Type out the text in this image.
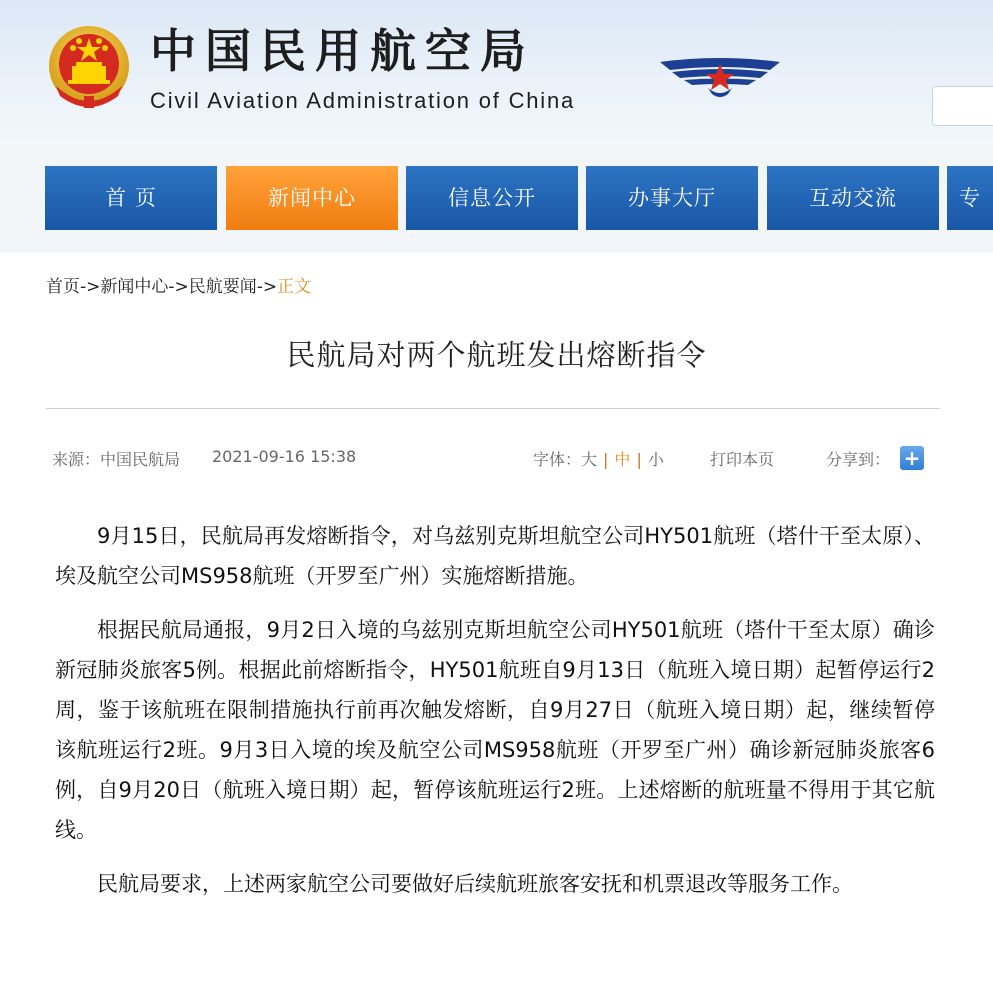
中国民用航空局
Civil Aviation Administration of China
首 页	新闻中心	信息公开	办事大厅	互动交流	专
首页->新闻中心->民航要闻->正文
民航局对两个航班发出熔断指令
来源：中国民航局 2021-09-16 15:38	字体：大 | 中 | 小	打印本页	分享到： +

9月15日，民航局再发熔断指令，对乌兹别克斯坦航空公司HY501航班（塔什干至太原）、埃及航空公司MS958航班（开罗至广州）实施熔断措施。

根据民航局通报，9月2日入境的乌兹别克斯坦航空公司HY501航班（塔什干至太原）确诊新冠肺炎旅客5例。根据此前熔断指令，HY501航班自9月13日（航班入境日期）起暂停运行2周，鉴于该航班在限制措施执行前再次触发熔断，自9月27日（航班入境日期）起，继续暂停该航班运行2班。9月3日入境的埃及航空公司MS958航班（开罗至广州）确诊新冠肺炎旅客6例，自9月20日（航班入境日期）起，暂停该航班运行2班。上述熔断的航班量不得用于其它航线。

民航局要求，上述两家航空公司要做好后续航班旅客安抚和机票退改等服务工作。
